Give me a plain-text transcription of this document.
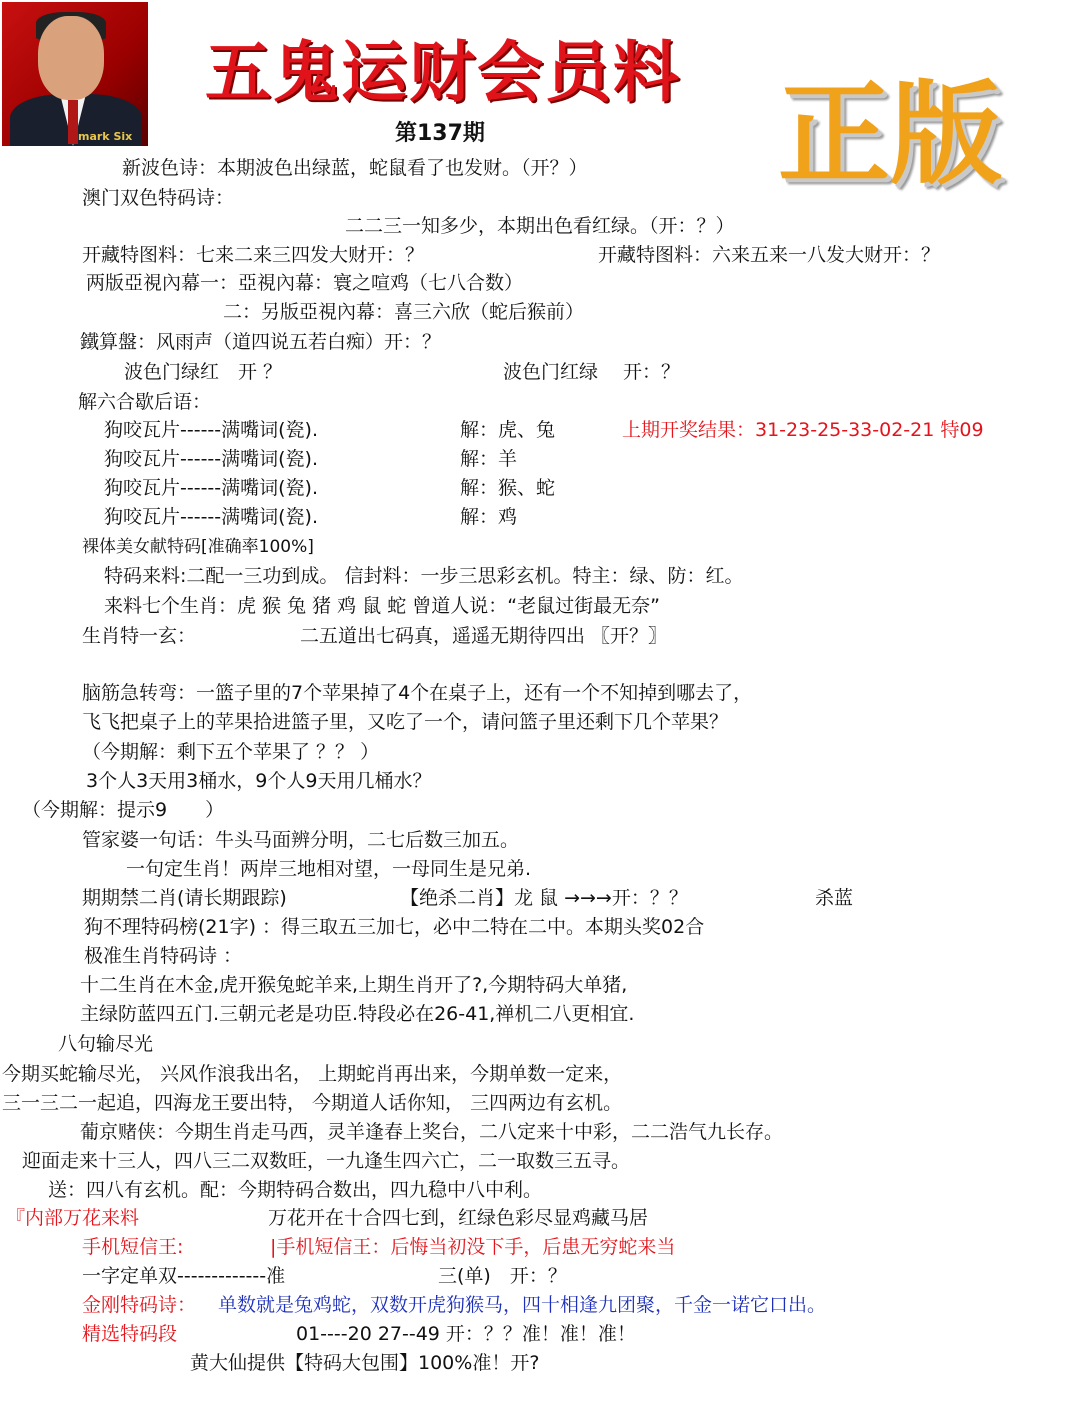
mark Six
五鬼运财会员料
第137期	正版
新波色诗：本期波色出绿蓝，蛇鼠看了也发财。（开？）
澳门双色特码诗：
二二三一知多少，本期出色看红绿。（开：？）
开藏特图料：七来二来三四发大财开：？	开藏特图料：六来五来一八发大财开：？
两版亞視內幕一：亞視內幕：寰之喧鸡（七八合数）
二：另版亞視內幕：喜三六欣（蛇后猴前）
鐵算盤：风雨声（道四说五若白痴）开：？
波色门绿红　开 ？	波色门红绿　 开：？
解六合歇后语：
狗咬瓦片------满嘴词(瓷).	解：虎、兔	上期开奖结果：31-23-25-33-02-21 特09
狗咬瓦片------满嘴词(瓷).	解：羊
狗咬瓦片------满嘴词(瓷).	解：猴、蛇
狗咬瓦片------满嘴词(瓷).	解：鸡
裸体美女献特码[准确率100%]
特码来料:二配一三功到成。 信封料：一步三思彩玄机。特主：绿、防：红。
来料七个生肖：虎 猴 兔 猪 鸡 鼠 蛇 曾道人说：“老鼠过街最无奈”
生肖特一玄：	二五道出七码真，遥遥无期待四出 〖开？〗
脑筋急转弯：一篮子里的7个苹果掉了4个在桌子上，还有一个不知掉到哪去了，
飞飞把桌子上的苹果拾进篮子里，又吃了一个，请问篮子里还剩下几个苹果？
（今期解：剩下五个苹果了 ？？ ）
3个人3天用3桶水，9个人9天用几桶水？
（今期解：提示9　　）
管家婆一句话：牛头马面辨分明，二七后数三加五。
一句定生肖！两岸三地相对望，一母同生是兄弟.
期期禁二肖(请长期跟踪)	【绝杀二肖】龙 鼠 →→→开：？？	杀蓝
狗不理特码榜(21字) ：得三取五三加七，必中二特在二中。本期头奖02合
极准生肖特码诗 ：
十二生肖在木金,虎开猴兔蛇羊来,上期生肖开了?,今期特码大单猪,
主绿防蓝四五门.三朝元老是功臣.特段必在26-41,禅机二八更相宜.
八句输尽光
今期买蛇输尽光， 兴风作浪我出名， 上期蛇肖再出来，今期单数一定来，
三一三二一起追，四海龙王要出特， 今期道人话你知， 三四两边有玄机。
葡京赌侠：今期生肖走马西，灵羊逢春上奖台，二八定来十中彩，二二浩气九长存。
迎面走来十三人，四八三二双数旺，一九逢生四六亡，二一取数三五寻。
送：四八有玄机。配：今期特码合数出，四九稳中八中利。
『内部万花来料	万花开在十合四七到，红绿色彩尽显鸡藏马居
手机短信王:	|手机短信王：后悔当初没下手，后患无穷蛇来当
一字定单双-------------准	三(单)　开：？
金刚特码诗： 单数就是兔鸡蛇，双数开虎狗猴马，四十相逢九团聚，千金一诺它口出。
精选特码段	01----20 27--49 开：？？准！准！准！
黄大仙提供【特码大包围】100%准！开?
